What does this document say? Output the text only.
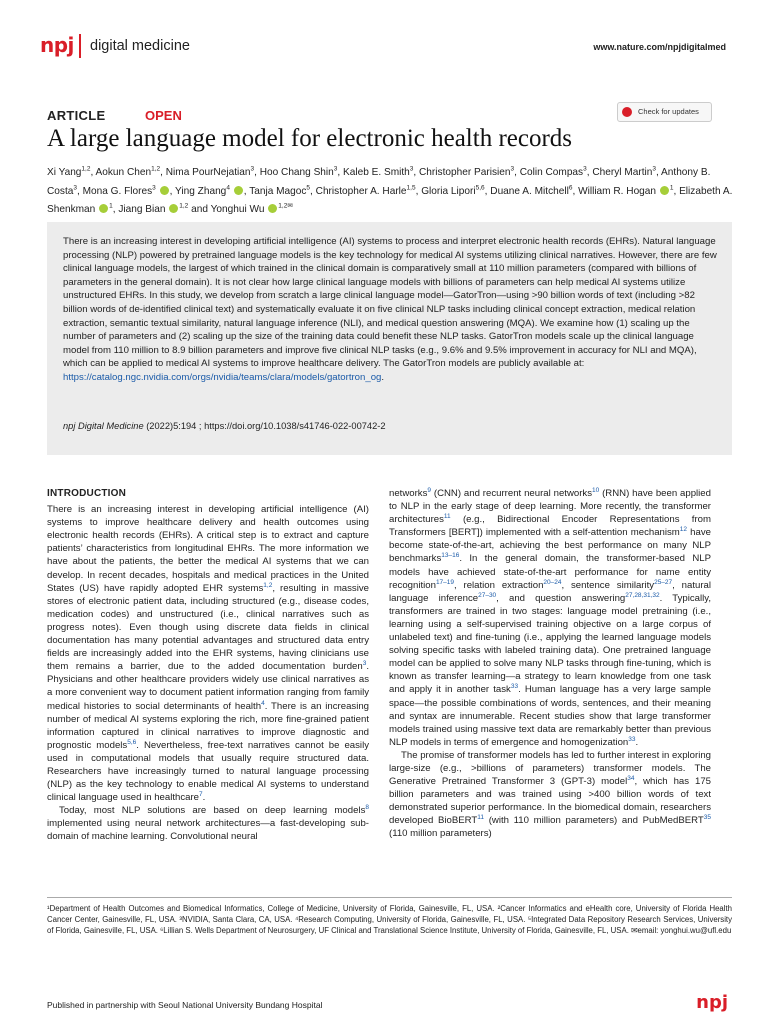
npj digital medicine	www.nature.com/npjdigitalmed
ARTICLE	OPEN	Check for updates
A large language model for electronic health records
Xi Yang$^{1,2}$, Aokun Chen$^{1,2}$, Nima PourNejatian$^3$, Hoo Chang Shin$^3$, Kaleb E. Smith$^3$, Christopher Parisien$^3$, Colin Compas$^3$, Cheryl Martin$^3$, Anthony B. Costa$^3$, Mona G. Flores$^3$ , Ying Zhang$^4$ , Tanja Magoc$^5$, Christopher A. Harle$^{1,5}$, Gloria Lipori$^{5,6}$, Duane A. Mitchell$^6$, William R. Hogan $^1$, Elizabeth A. Shenkman $^1$, Jiang Bian $^{1,2}$ and Yonghui Wu $^{1,2✉}$
There is an increasing interest in developing artificial intelligence (AI) systems to process and interpret electronic health records (EHRs). Natural language processing (NLP) powered by pretrained language models is the key technology for medical AI systems utilizing clinical narratives. However, there are few clinical language models, the largest of which trained in the clinical domain is comparatively small at 110 million parameters (compared with billions of parameters in the general domain). It is not clear how large clinical language models with billions of parameters can help medical AI systems utilize unstructured EHRs. In this study, we develop from scratch a large clinical language model—GatorTron—using >90 billion words of text (including >82 billion words of de-identified clinical text) and systematically evaluate it on five clinical NLP tasks including clinical concept extraction, medical relation extraction, semantic textual similarity, natural language inference (NLI), and medical question answering (MQA). We examine how (1) scaling up the number of parameters and (2) scaling up the size of the training data could benefit these NLP tasks. GatorTron models scale up the clinical language model from 110 million to 8.9 billion parameters and improve five clinical NLP tasks (e.g., 9.6% and 9.5% improvement in accuracy for NLI and MQA), which can be applied to medical AI systems to improve healthcare delivery. The GatorTron models are publicly available at: https://catalog.ngc.nvidia.com/orgs/nvidia/teams/clara/models/gatortron_og.
npj Digital Medicine (2022)5:194 ; https://doi.org/10.1038/s41746-022-00742-2
INTRODUCTION

There is an increasing interest in developing artificial intelligence (AI) systems to improve healthcare delivery and health outcomes using electronic health records (EHRs). A critical step is to extract and capture patients’ characteristics from longitudinal EHRs. The more information we have about the patients, the better the medical AI systems that we can develop. In recent decades, hospitals and medical practices in the United States (US) have rapidly adopted EHR systems$^{1,2}$, resulting in massive stores of electronic patient data, including structured (e.g., disease codes, medication codes) and unstructured (i.e., clinical narratives such as progress notes). Even though using discrete data fields in clinical documentation has many potential advantages and structured data entry fields are increasingly added into the EHR systems, having clinicians use them remains a barrier, due to the added documentation burden$^3$. Physicians and other healthcare providers widely use clinical narratives as a more convenient way to document patient information ranging from family medical histories to social determinants of health$^4$. There is an increasing number of medical AI systems exploring the rich, more fine-grained patient information captured in clinical narratives to improve diagnostic and prognostic models$^{5,6}$. Nevertheless, free-text narratives cannot be easily used in computational models that usually require structured data. Researchers have increasingly turned to natural language processing (NLP) as the key technology to enable medical AI systems to understand clinical language used in healthcare$^7$.

Today, most NLP solutions are based on deep learning models$^8$ implemented using neural network architectures—a fast-developing sub-domain of machine learning. Convolutional neural

networks$^9$ (CNN) and recurrent neural networks$^{10}$ (RNN) have been applied to NLP in the early stage of deep learning. More recently, the transformer architectures$^{11}$ (e.g., Bidirectional Encoder Representations from Transformers [BERT]) implemented with a self-attention mechanism$^{12}$ have become state-of-the-art, achieving the best performance on many NLP benchmarks$^{13-16}$. In the general domain, the transformer-based NLP models have achieved state-of-the-art performance for name entity recognition$^{17-19}$, relation extraction$^{20-24}$, sentence similarity$^{25-27}$, natural language inference$^{27-30}$, and question answering$^{27,28,31,32}$. Typically, transformers are trained in two stages: language model pretraining (i.e., learning using a self-supervised training objective on a large corpus of unlabeled text) and fine-tuning (i.e., applying the learned language models solving specific tasks with labeled training data). One pretrained language model can be applied to solve many NLP tasks through fine-tuning, which is known as transfer learning—a strategy to learn knowledge from one task and apply it in another task$^{33}$. Human language has a very large sample space—the possible combinations of words, sentences, and their meaning and syntax are innumerable. Recent studies show that large transformer models trained using massive text data are remarkably better than previous NLP models in terms of emergence and homogenization$^{33}$.

The promise of transformer models has led to further interest in exploring large-size (e.g., >billions of parameters) transformer models. The Generative Pretrained Transformer 3 (GPT-3) model$^{34}$, which has 175 billion parameters and was trained using >400 billion words of text demonstrated superior performance. In the biomedical domain, researchers developed BioBERT$^{11}$ (with 110 million parameters) and PubMedBERT$^{35}$ (110 million parameters)

¹Department of Health Outcomes and Biomedical Informatics, College of Medicine, University of Florida, Gainesville, FL, USA. ²Cancer Informatics and eHealth core, University of Florida Health Cancer Center, Gainesville, FL, USA. ³NVIDIA, Santa Clara, CA, USA. ⁴Research Computing, University of Florida, Gainesville, FL, USA. ⁵Integrated Data Repository Research Services, University of Florida, Gainesville, FL, USA. ⁶Lillian S. Wells Department of Neurosurgery, UF Clinical and Translational Science Institute, University of Florida, Gainesville, FL, USA. ✉email: yonghui.wu@ufl.edu
Published in partnership with Seoul National University Bundang Hospital	npj
